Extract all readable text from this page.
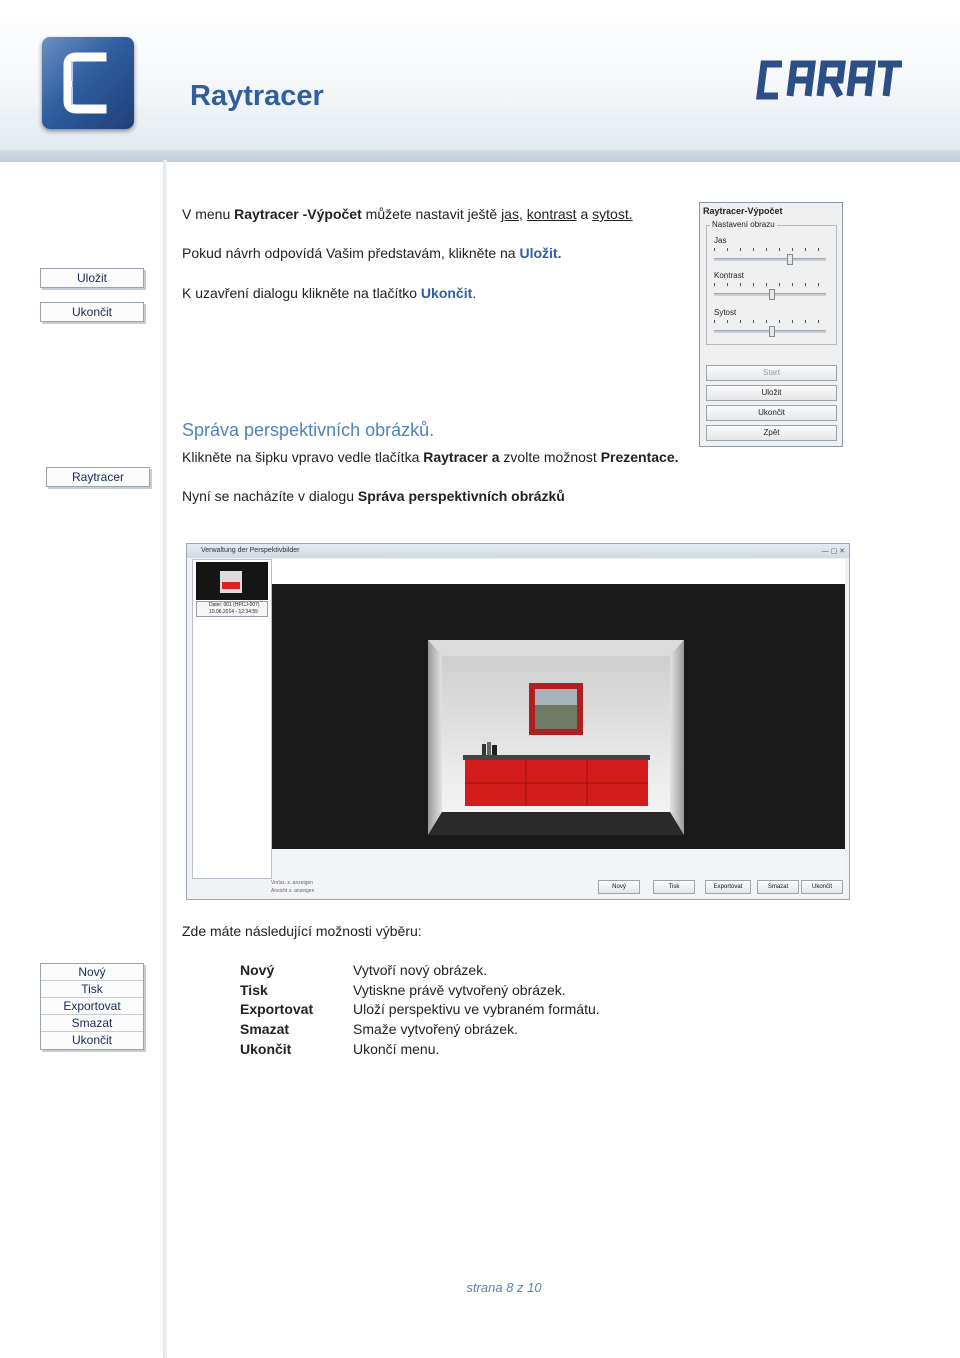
Raytracer	CARAT
Uložit
Ukončit
V menu Raytracer -Výpočet můžete nastavit ještě jas, kontrast a sytost.
Pokud návrh odpovídá Vašim představám, klikněte na Uložit.
K uzavření dialogu klikněte na tlačítko Ukončit.
Raytracer-Výpočet
Nastavení obrazu
Jas
Kontrast
Sytost
Start
Uložit
Ukončit
Zpět
Správa perspektivních obrázků.
Raytracer
Klikněte na šipku vpravo vedle tlačítka Raytracer a zvolte možnost Prezentace.
Nyní se nacházíte v dialogu Správa perspektivních obrázků
Verwaltung der Perspektivbilder	— ▢ ✕
Datei: 001 (HPCJ-007)
10.06.2014 - 12:34:55
Vorlsz. z. anzeigen
Ansicht z. anzeigen
Nový	Tisk	Exportovat	Smazat	Ukončit
Zde máte následující možnosti výběru:
Nový
Tisk
Exportovat
Smazat
Ukončit
Nový	Vytvoří nový obrázek.
Tisk	Vytiskne právě vytvořený obrázek.
Exportovat	Uloží perspektivu ve vybraném formátu.
Smazat	Smaže vytvořený obrázek.
Ukončit	Ukončí menu.
strana 8 z 10
